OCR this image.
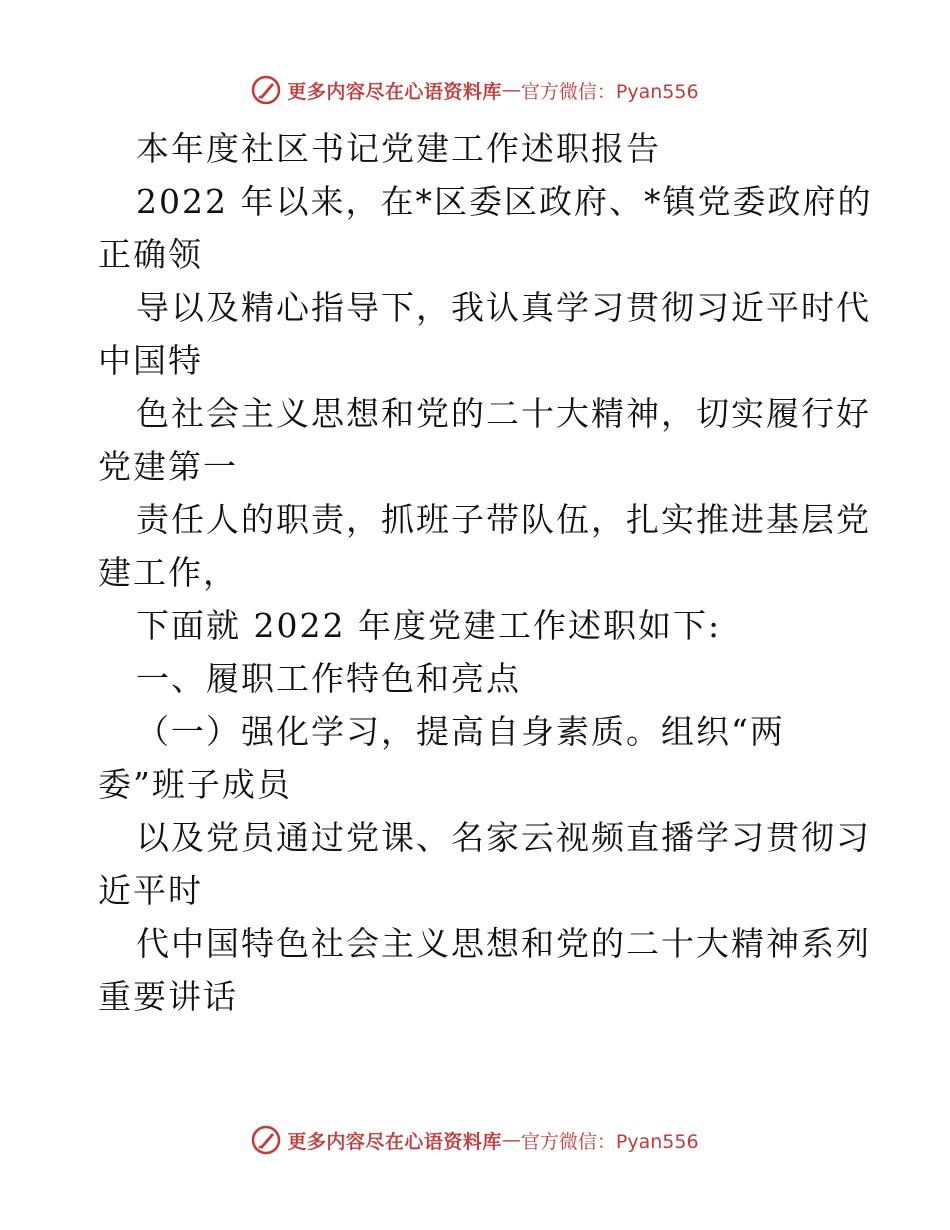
更多内容尽在心语资料库 — 官方微信：Pyan556
本年度社区书记党建工作述职报告
2022 年以来，在*区委区政府、*镇党委政府的
正确领
导以及精心指导下，我认真学习贯彻习近平时代
中国特
色社会主义思想和党的二十大精神，切实履行好
党建第一
责任人的职责，抓班子带队伍，扎实推进基层党
建工作，
下面就 2022 年度党建工作述职如下:
一、履职工作特色和亮点
（一）强化学习，提高自身素质。组织“两
委”班子成员
以及党员通过党课、名家云视频直播学习贯彻习
近平时
代中国特色社会主义思想和党的二十大精神系列
重要讲话
更多内容尽在心语资料库 — 官方微信：Pyan556
